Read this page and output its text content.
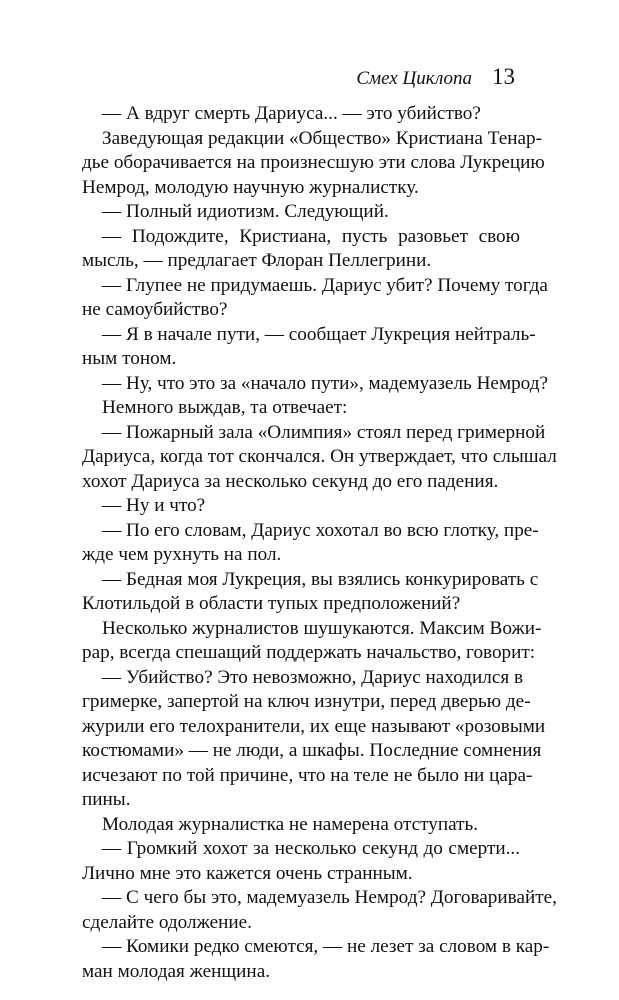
Смех Циклопа 13
— А вдруг смерть Дариуса... — это убийство?
Заведующая редакции «Общество» Кристиана Тенар-
дье оборачивается на произнесшую эти слова Лукрецию
Немрод, молодую научную журналистку.
— Полный идиотизм. Следующий.
— Подождите, Кристиана, пусть разовьет свою
мысль, — предлагает Флоран Пеллегрини.
— Глупее не придумаешь. Дариус убит? Почему тогда
не самоубийство?
— Я в начале пути, — сообщает Лукреция нейтраль-
ным тоном.
— Ну, что это за «начало пути», мадемуазель Немрод?
Немного выждав, та отвечает:
— Пожарный зала «Олимпия» стоял перед гримерной
Дариуса, когда тот скончался. Он утверждает, что слышал
хохот Дариуса за несколько секунд до его падения.
— Ну и что?
— По его словам, Дариус хохотал во всю глотку, пре-
жде чем рухнуть на пол.
— Бедная моя Лукреция, вы взялись конкурировать с
Клотильдой в области тупых предположений?
Несколько журналистов шушукаются. Максим Вожи-
рар, всегда спешащий поддержать начальство, говорит:
— Убийство? Это невозможно, Дариус находился в
гримерке, запертой на ключ изнутри, перед дверью де-
журили его телохранители, их еще называют «розовыми
костюмами» — не люди, а шкафы. Последние сомнения
исчезают по той причине, что на теле не было ни цара-
пины.
Молодая журналистка не намерена отступать.
— Громкий хохот за несколько секунд до смерти...
Лично мне это кажется очень странным.
— С чего бы это, мадемуазель Немрод? Договаривайте,
сделайте одолжение.
— Комики редко смеются, — не лезет за словом в кар-
ман молодая женщина.
